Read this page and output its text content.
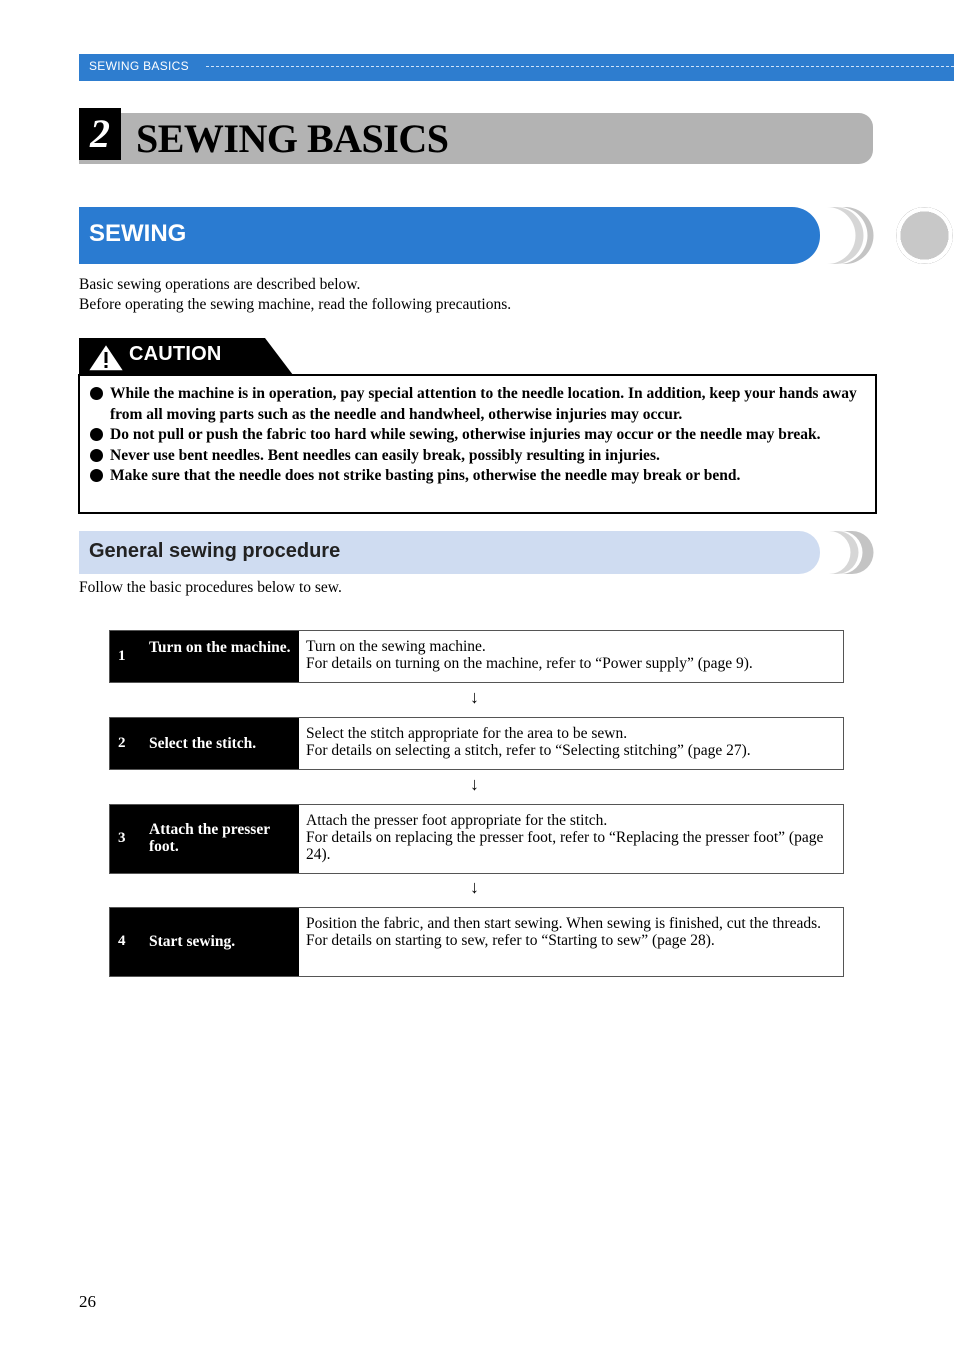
SEWING BASICS
2 SEWING BASICS
SEWING
Basic sewing operations are described below.
Before operating the sewing machine, read the following precautions.
CAUTION
While the machine is in operation, pay special attention to the needle location. In addition, keep your hands away from all moving parts such as the needle and handwheel, otherwise injuries may occur.
Do not pull or push the fabric too hard while sewing, otherwise injuries may occur or the needle may break.
Never use bent needles. Bent needles can easily break, possibly resulting in injuries.
Make sure that the needle does not strike basting pins, otherwise the needle may break or bend.
General sewing procedure
Follow the basic procedures below to sew.
1 Turn on the machine. Turn on the sewing machine.
For details on turning on the machine, refer to “Power supply” (page 9).
↓
2 Select the stitch.
Select the stitch appropriate for the area to be sewn.
For details on selecting a stitch, refer to “Selecting stitching” (page 27).
↓
3 Attach the presser foot.
Attach the presser foot appropriate for the stitch.
For details on replacing the presser foot, refer to “Replacing the presser foot” (page 24).
↓
4 Start sewing.
Position the fabric, and then start sewing. When sewing is finished, cut the threads.
For details on starting to sew, refer to “Starting to sew” (page 28).
26
